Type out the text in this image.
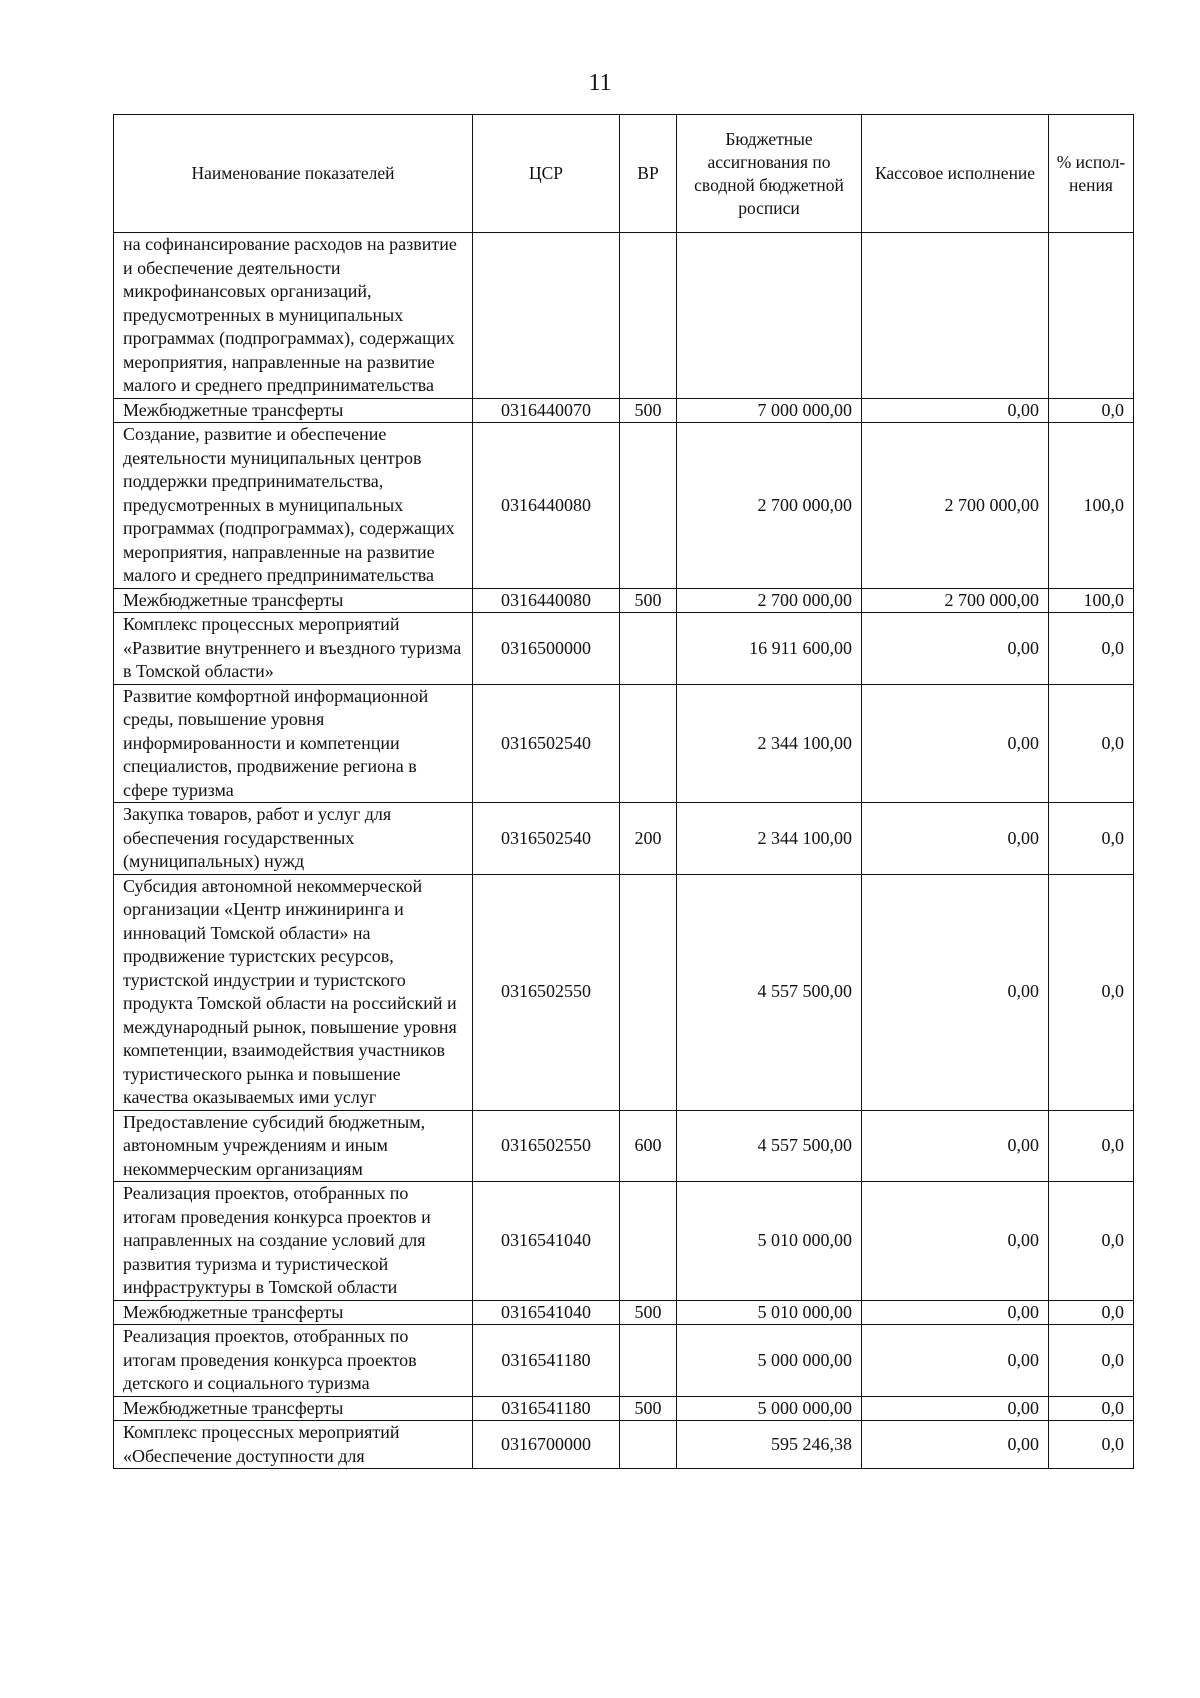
11
Наименование показателей	ЦСР	ВР	Бюджетные ассигнования по сводной бюджетной росписи	Кассовое исполнение	% испол-нения
на софинансирование расходов на развитие и обеспечение деятельности микрофинансовых организаций, предусмотренных в муниципальных программах (подпрограммах), содержащих мероприятия, направленные на развитие малого и среднего предпринимательства					
Межбюджетные трансферты	0316440070	500	7 000 000,00	0,00	0,0
Создание, развитие и обеспечение деятельности муниципальных центров поддержки предпринимательства, предусмотренных в муниципальных программах (подпрограммах), содержащих мероприятия, направленные на развитие малого и среднего предпринимательства	0316440080		2 700 000,00	2 700 000,00	100,0
Межбюджетные трансферты	0316440080	500	2 700 000,00	2 700 000,00	100,0
Комплекс процессных мероприятий «Развитие внутреннего и въездного туризма в Томской области»	0316500000		16 911 600,00	0,00	0,0
Развитие комфортной информационной среды, повышение уровня информированности и компетенции специалистов, продвижение региона в сфере туризма	0316502540		2 344 100,00	0,00	0,0
Закупка товаров, работ и услуг для обеспечения государственных (муниципальных) нужд	0316502540	200	2 344 100,00	0,00	0,0
Субсидия автономной некоммерческой организации «Центр инжиниринга и инноваций Томской области» на продвижение туристских ресурсов, туристской индустрии и туристского продукта Томской области на российский и международный рынок, повышение уровня компетенции, взаимодействия участников туристического рынка и повышение качества оказываемых ими услуг	0316502550		4 557 500,00	0,00	0,0
Предоставление субсидий бюджетным, автономным учреждениям и иным некоммерческим организациям	0316502550	600	4 557 500,00	0,00	0,0
Реализация проектов, отобранных по итогам проведения конкурса проектов и направленных на создание условий для развития туризма и туристической инфраструктуры в Томской области	0316541040		5 010 000,00	0,00	0,0
Межбюджетные трансферты	0316541040	500	5 010 000,00	0,00	0,0
Реализация проектов, отобранных по итогам проведения конкурса проектов детского и социального туризма	0316541180		5 000 000,00	0,00	0,0
Межбюджетные трансферты	0316541180	500	5 000 000,00	0,00	0,0
Комплекс процессных мероприятий «Обеспечение доступности для	0316700000		595 246,38	0,00	0,0
